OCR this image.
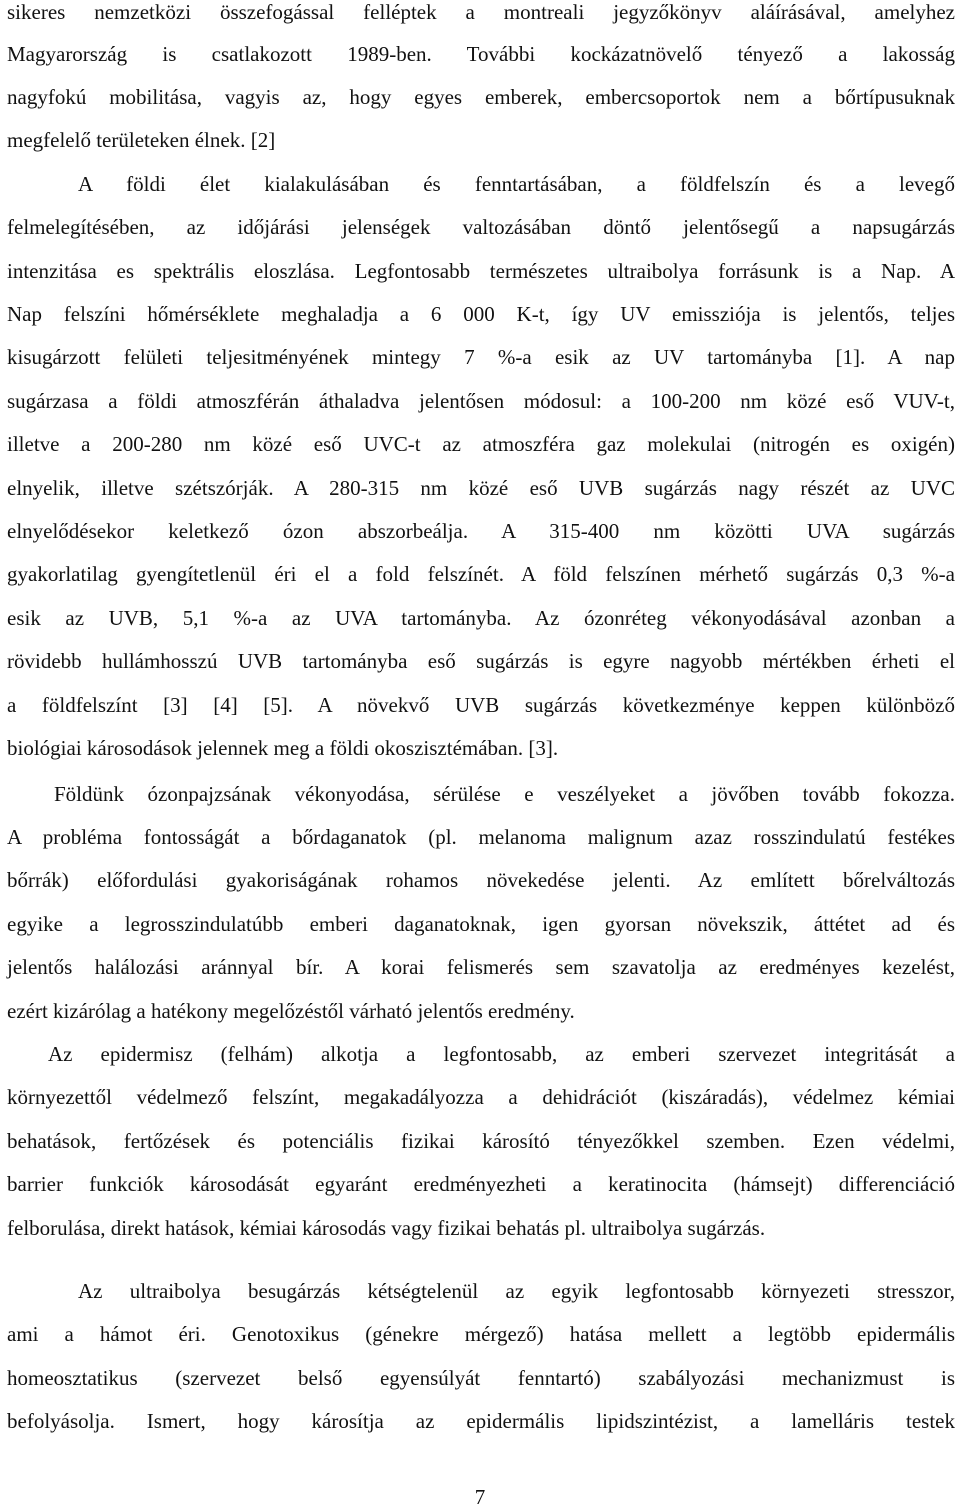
sikeres nemzetközi összefogással felléptek a montreali jegyzőkönyv aláírásával, amelyhez
Magyarország is csatlakozott 1989-ben. További kockázatnövelő tényező a lakosság
nagyfokú mobilitása, vagyis az, hogy egyes emberek, embercsoportok nem a bőrtípusuknak
megfelelő területeken élnek. [2]
A földi élet kialakulásában és fenntartásában, a földfelszín és a levegő
felmelegítésében, az időjárási jelenségek valtozásában döntő jelentősegű a napsugárzás
intenzitása es spektrális eloszlása. Legfontosabb természetes ultraibolya forrásunk is a Nap. A
Nap felszíni hőmérséklete meghaladja a 6 000 K-t, így UV emissziója is jelentős, teljes
kisugárzott felületi teljesitményének mintegy 7 %-a esik az UV tartományba [1]. A nap
sugárzasa a földi atmoszférán áthaladva jelentősen módosul: a 100-200 nm közé eső VUV-t,
illetve a 200-280 nm közé eső UVC-t az atmoszféra gaz molekulai (nitrogén es oxigén)
elnyelik, illetve szétszórják. A 280-315 nm közé eső UVB sugárzás nagy részét az UVC
elnyelődésekor keletkező ózon abszorbeálja. A 315-400 nm közötti UVA sugárzás
gyakorlatilag gyengítetlenül éri el a fold felszínét. A föld felszínen mérhető sugárzás 0,3 %-a
esik az UVB, 5,1 %-a az UVA tartományba. Az ózonréteg vékonyodásával azonban a
rövidebb hullámhosszú UVB tartományba eső sugárzás is egyre nagyobb mértékben érheti el
a földfelszínt [3] [4] [5]. A növekvő UVB sugárzás következménye keppen különböző
biológiai károsodások jelennek meg a földi okoszisztémában. [3].
Földünk ózonpajzsának vékonyodása, sérülése e veszélyeket a jövőben tovább fokozza.
A probléma fontosságát a bőrdaganatok (pl. melanoma malignum azaz rosszindulatú festékes
bőrrák) előfordulási gyakoriságának rohamos növekedése jelenti. Az említett bőrelváltozás
egyike a legrosszindulatúbb emberi daganatoknak, igen gyorsan növekszik, áttétet ad és
jelentős halálozási aránnyal bír. A korai felismerés sem szavatolja az eredményes kezelést,
ezért kizárólag a hatékony megelőzéstől várható jelentős eredmény.
Az epidermisz (felhám) alkotja a legfontosabb, az emberi szervezet integritását a
környezettől védelmező felszínt, megakadályozza a dehidrációt (kiszáradás), védelmez kémiai
behatások, fertőzések és potenciális fizikai károsító tényezőkkel szemben. Ezen védelmi,
barrier funkciók károsodását egyaránt eredményezheti a keratinocita (hámsejt) differenciáció
felborulása, direkt hatások, kémiai károsodás vagy fizikai behatás pl. ultraibolya sugárzás.
Az ultraibolya besugárzás kétségtelenül az egyik legfontosabb környezeti stresszor,
ami a hámot éri. Genotoxikus (génekre mérgező) hatása mellett a legtöbb epidermális
homeosztatikus (szervezet belső egyensúlyát fenntartó) szabályozási mechanizmust is
befolyásolja. Ismert, hogy károsítja az epidermális lipidszintézist, a lamelláris testek
7
